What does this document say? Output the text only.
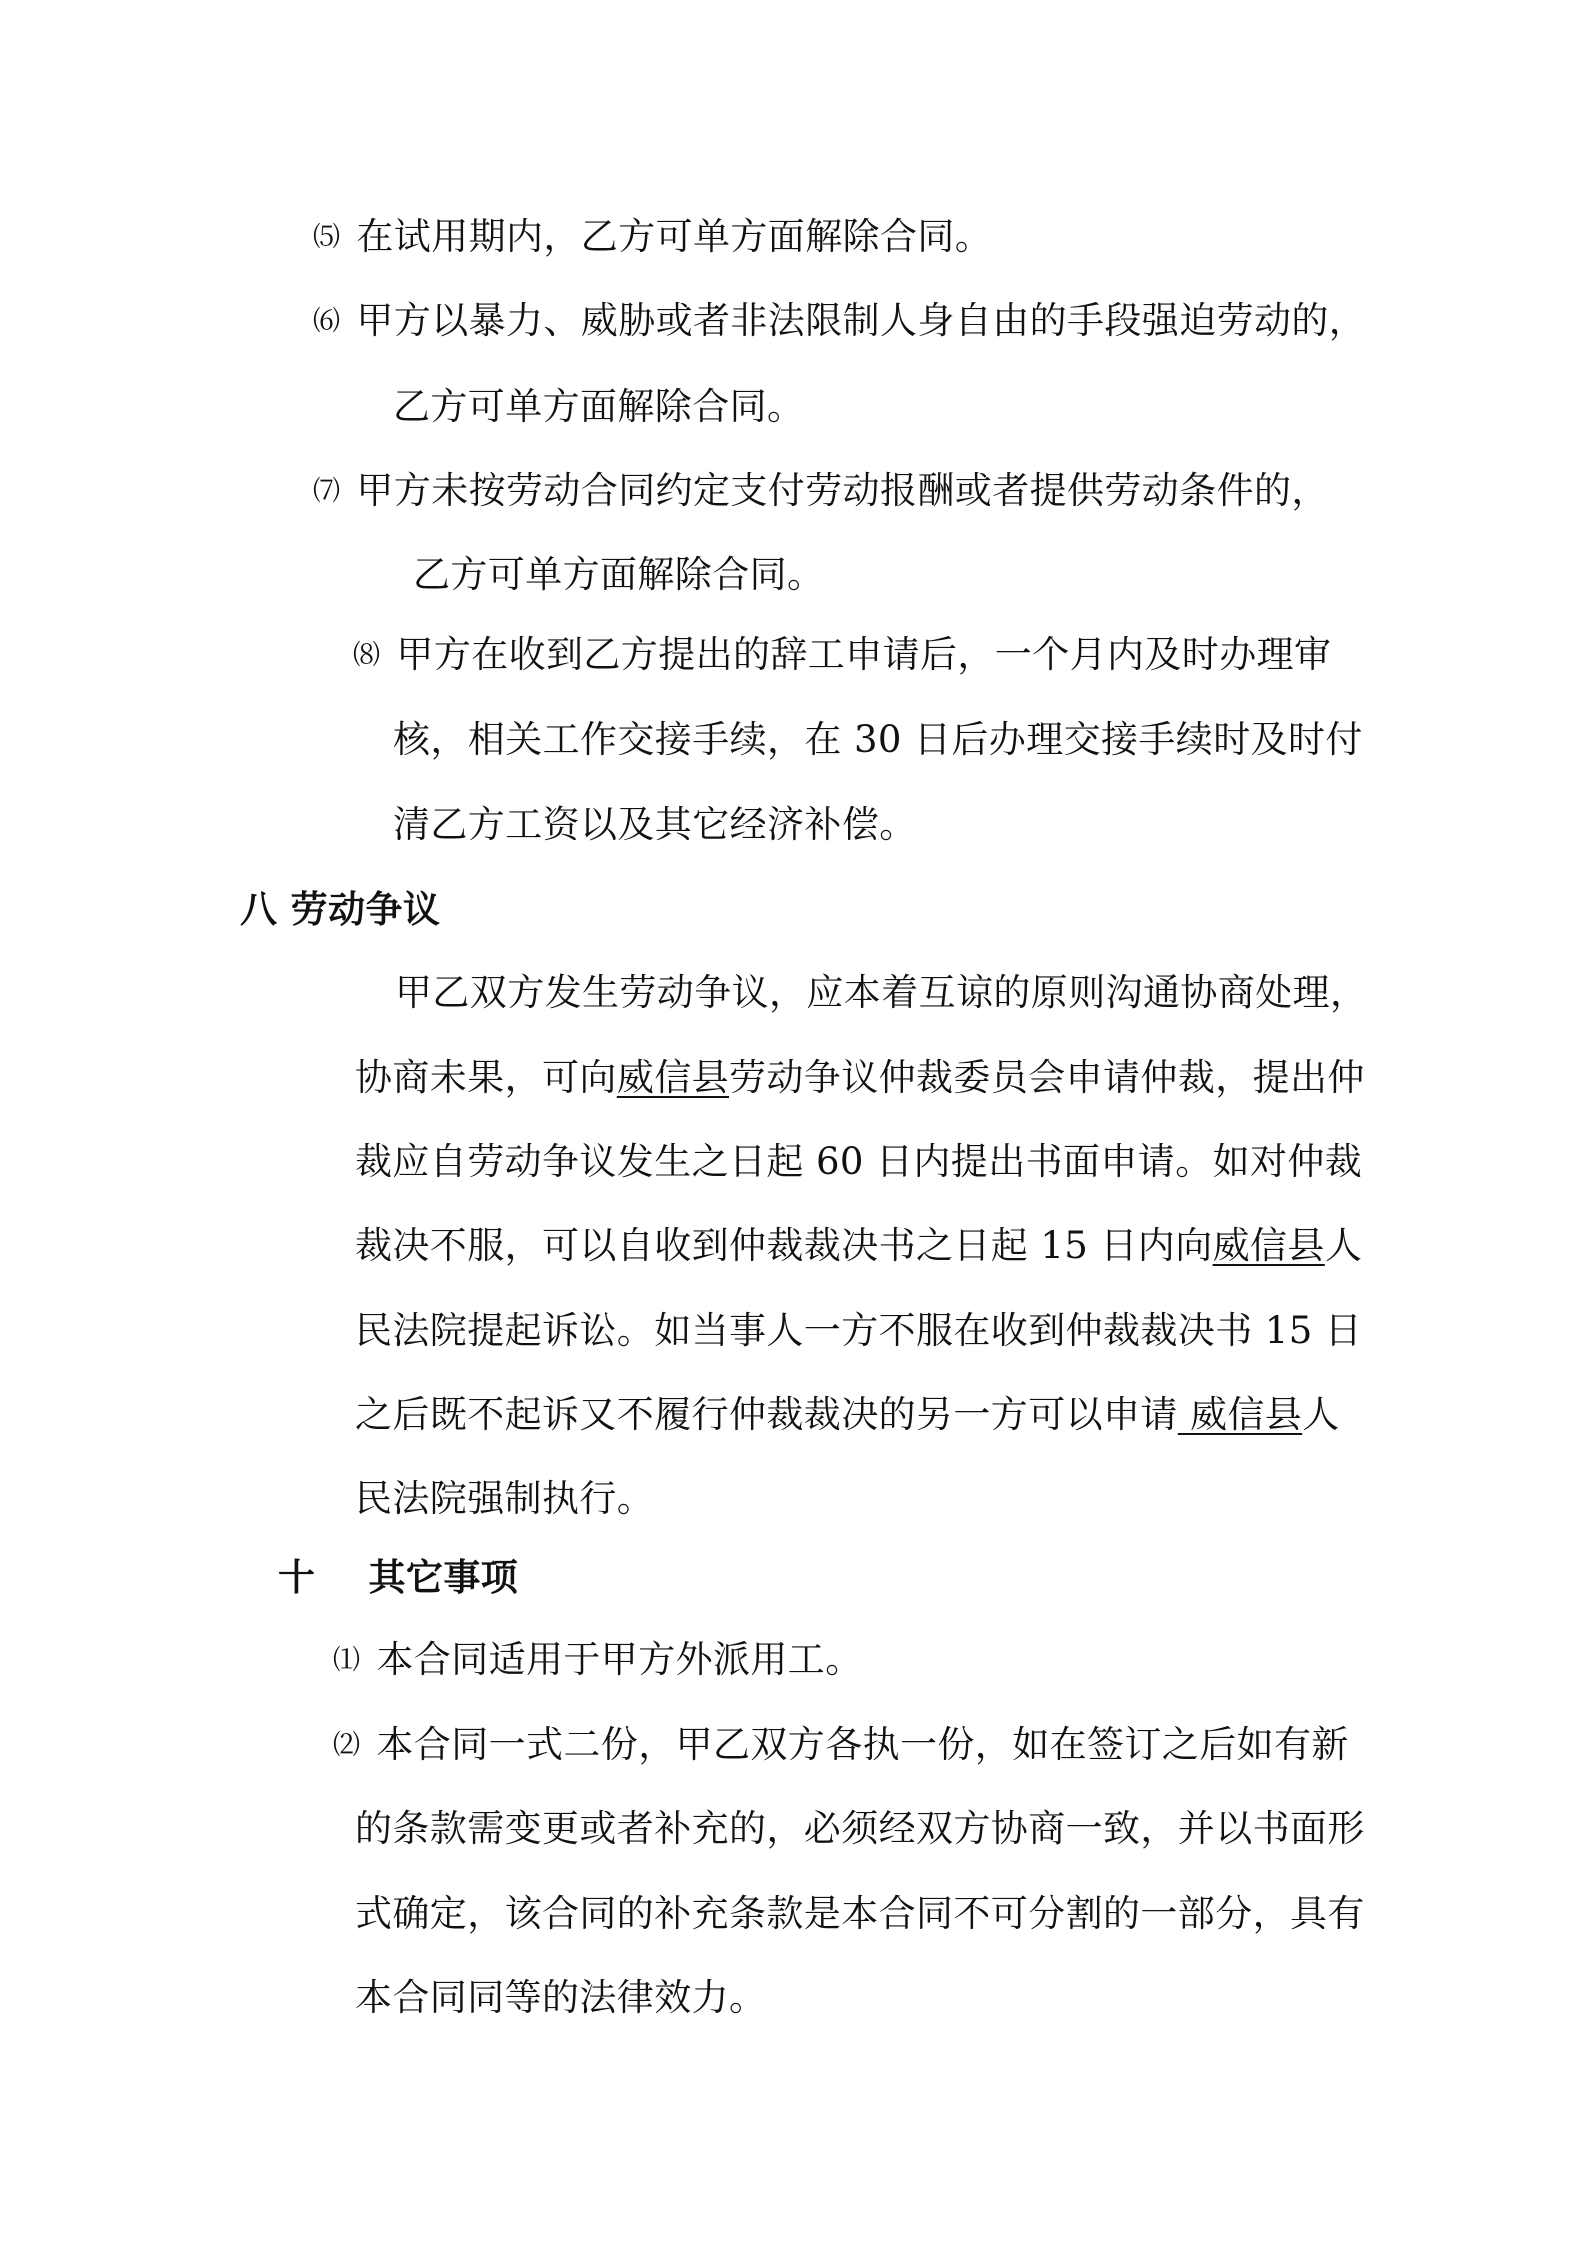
⑸ 在试用期内，乙方可单方面解除合同。
⑹ 甲方以暴力、威胁或者非法限制人身自由的手段强迫劳动的，
乙方可单方面解除合同。
⑺ 甲方未按劳动合同约定支付劳动报酬或者提供劳动条件的，
乙方可单方面解除合同。
⑻ 甲方在收到乙方提出的辞工申请后，一个月内及时办理审
核，相关工作交接手续，在 30 日后办理交接手续时及时付
清乙方工资以及其它经济补偿。
八 劳动争议
甲乙双方发生劳动争议，应本着互谅的原则沟通协商处理，
协商未果，可向威信县劳动争议仲裁委员会申请仲裁，提出仲
裁应自劳动争议发生之日起 60 日内提出书面申请。如对仲裁
裁决不服，可以自收到仲裁裁决书之日起 15 日内向威信县人
民法院提起诉讼。如当事人一方不服在收到仲裁裁决书 15 日
之后既不起诉又不履行仲裁裁决的另一方可以申请 威信县人
民法院强制执行。
十    其它事项
⑴ 本合同适用于甲方外派用工。
⑵ 本合同一式二份，甲乙双方各执一份，如在签订之后如有新
的条款需变更或者补充的，必须经双方协商一致，并以书面形
式确定，该合同的补充条款是本合同不可分割的一部分，具有
本合同同等的法律效力。
